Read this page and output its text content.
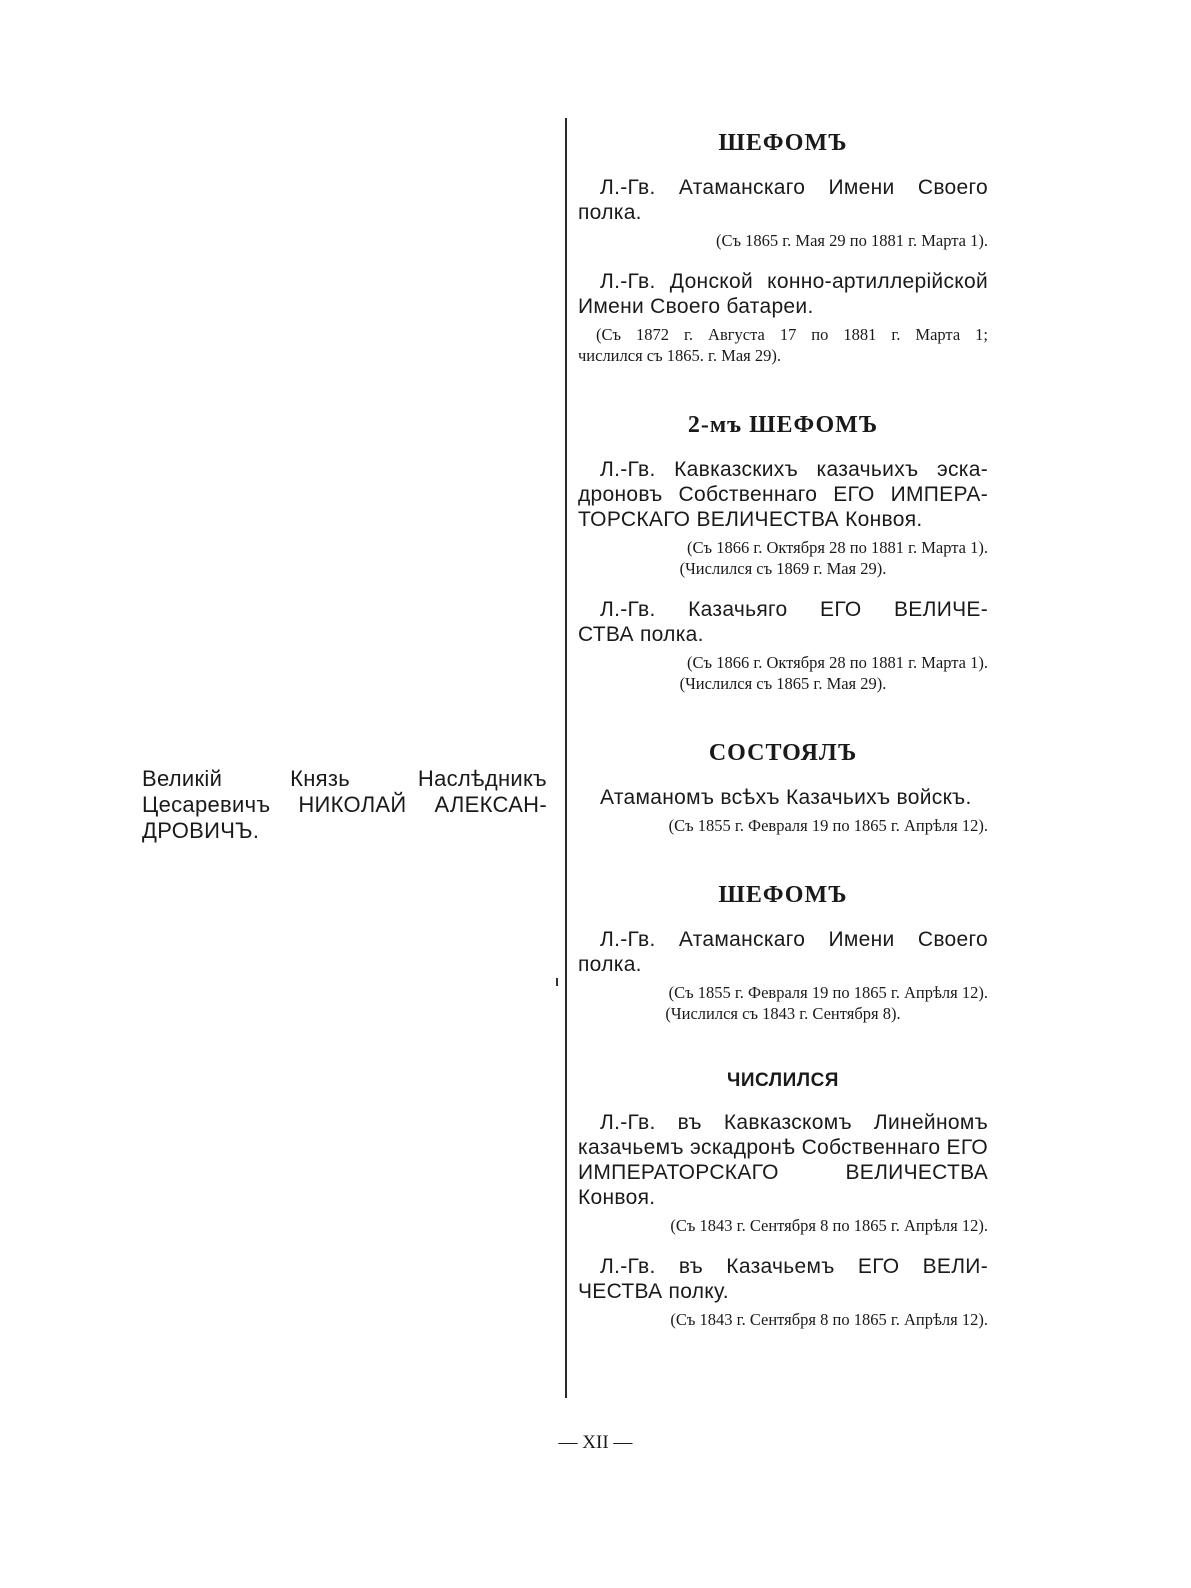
Великій Князь Наслѣдникъ
Цесаревичъ НИКОЛАЙ АЛЕКСАН-
ДРОВИЧЪ.
ШЕФОМЪ
Л.-Гв. Атаманскаго Имени Своего
полка.
(Съ 1865 г. Мая 29 по 1881 г. Марта 1).
Л.-Гв. Донской конно-артиллерійской
Имени Своего батареи.
(Съ 1872 г. Августа 17 по 1881 г. Марта 1;
числился съ 1865. г. Мая 29).
2-мъ ШЕФОМЪ
Л.-Гв. Кавказскихъ казачьихъ эска-
дроновъ Собственнаго ЕГО ИМПЕРА-
ТОРСКАГО ВЕЛИЧЕСТВА Конвоя.
(Съ 1866 г. Октября 28 по 1881 г. Марта 1).
(Числился съ 1869 г. Мая 29).
Л.-Гв. Казачьяго ЕГО ВЕЛИЧЕ-
СТВА полка.
(Съ 1866 г. Октября 28 по 1881 г. Марта 1).
(Числился съ 1865 г. Мая 29).
СОСТОЯЛЪ
Атаманомъ всѣхъ Казачьихъ войскъ.
(Съ 1855 г. Февраля 19 по 1865 г. Апрѣля 12).
ШЕФОМЪ
Л.-Гв. Атаманскаго Имени Своего
полка.
(Съ 1855 г. Февраля 19 по 1865 г. Апрѣля 12).
(Числился съ 1843 г. Сентября 8).
ЧИСЛИЛСЯ
Л.-Гв. въ Кавказскомъ Линейномъ
казачьемъ эскадронѣ Собственнаго ЕГО
ИМПЕРАТОРСКАГО ВЕЛИЧЕСТВА
Конвоя.
(Съ 1843 г. Сентября 8 по 1865 г. Апрѣля 12).
Л.-Гв. въ Казачьемъ ЕГО ВЕЛИ-
ЧЕСТВА полку.
(Съ 1843 г. Сентября 8 по 1865 г. Апрѣля 12).
— XII —
